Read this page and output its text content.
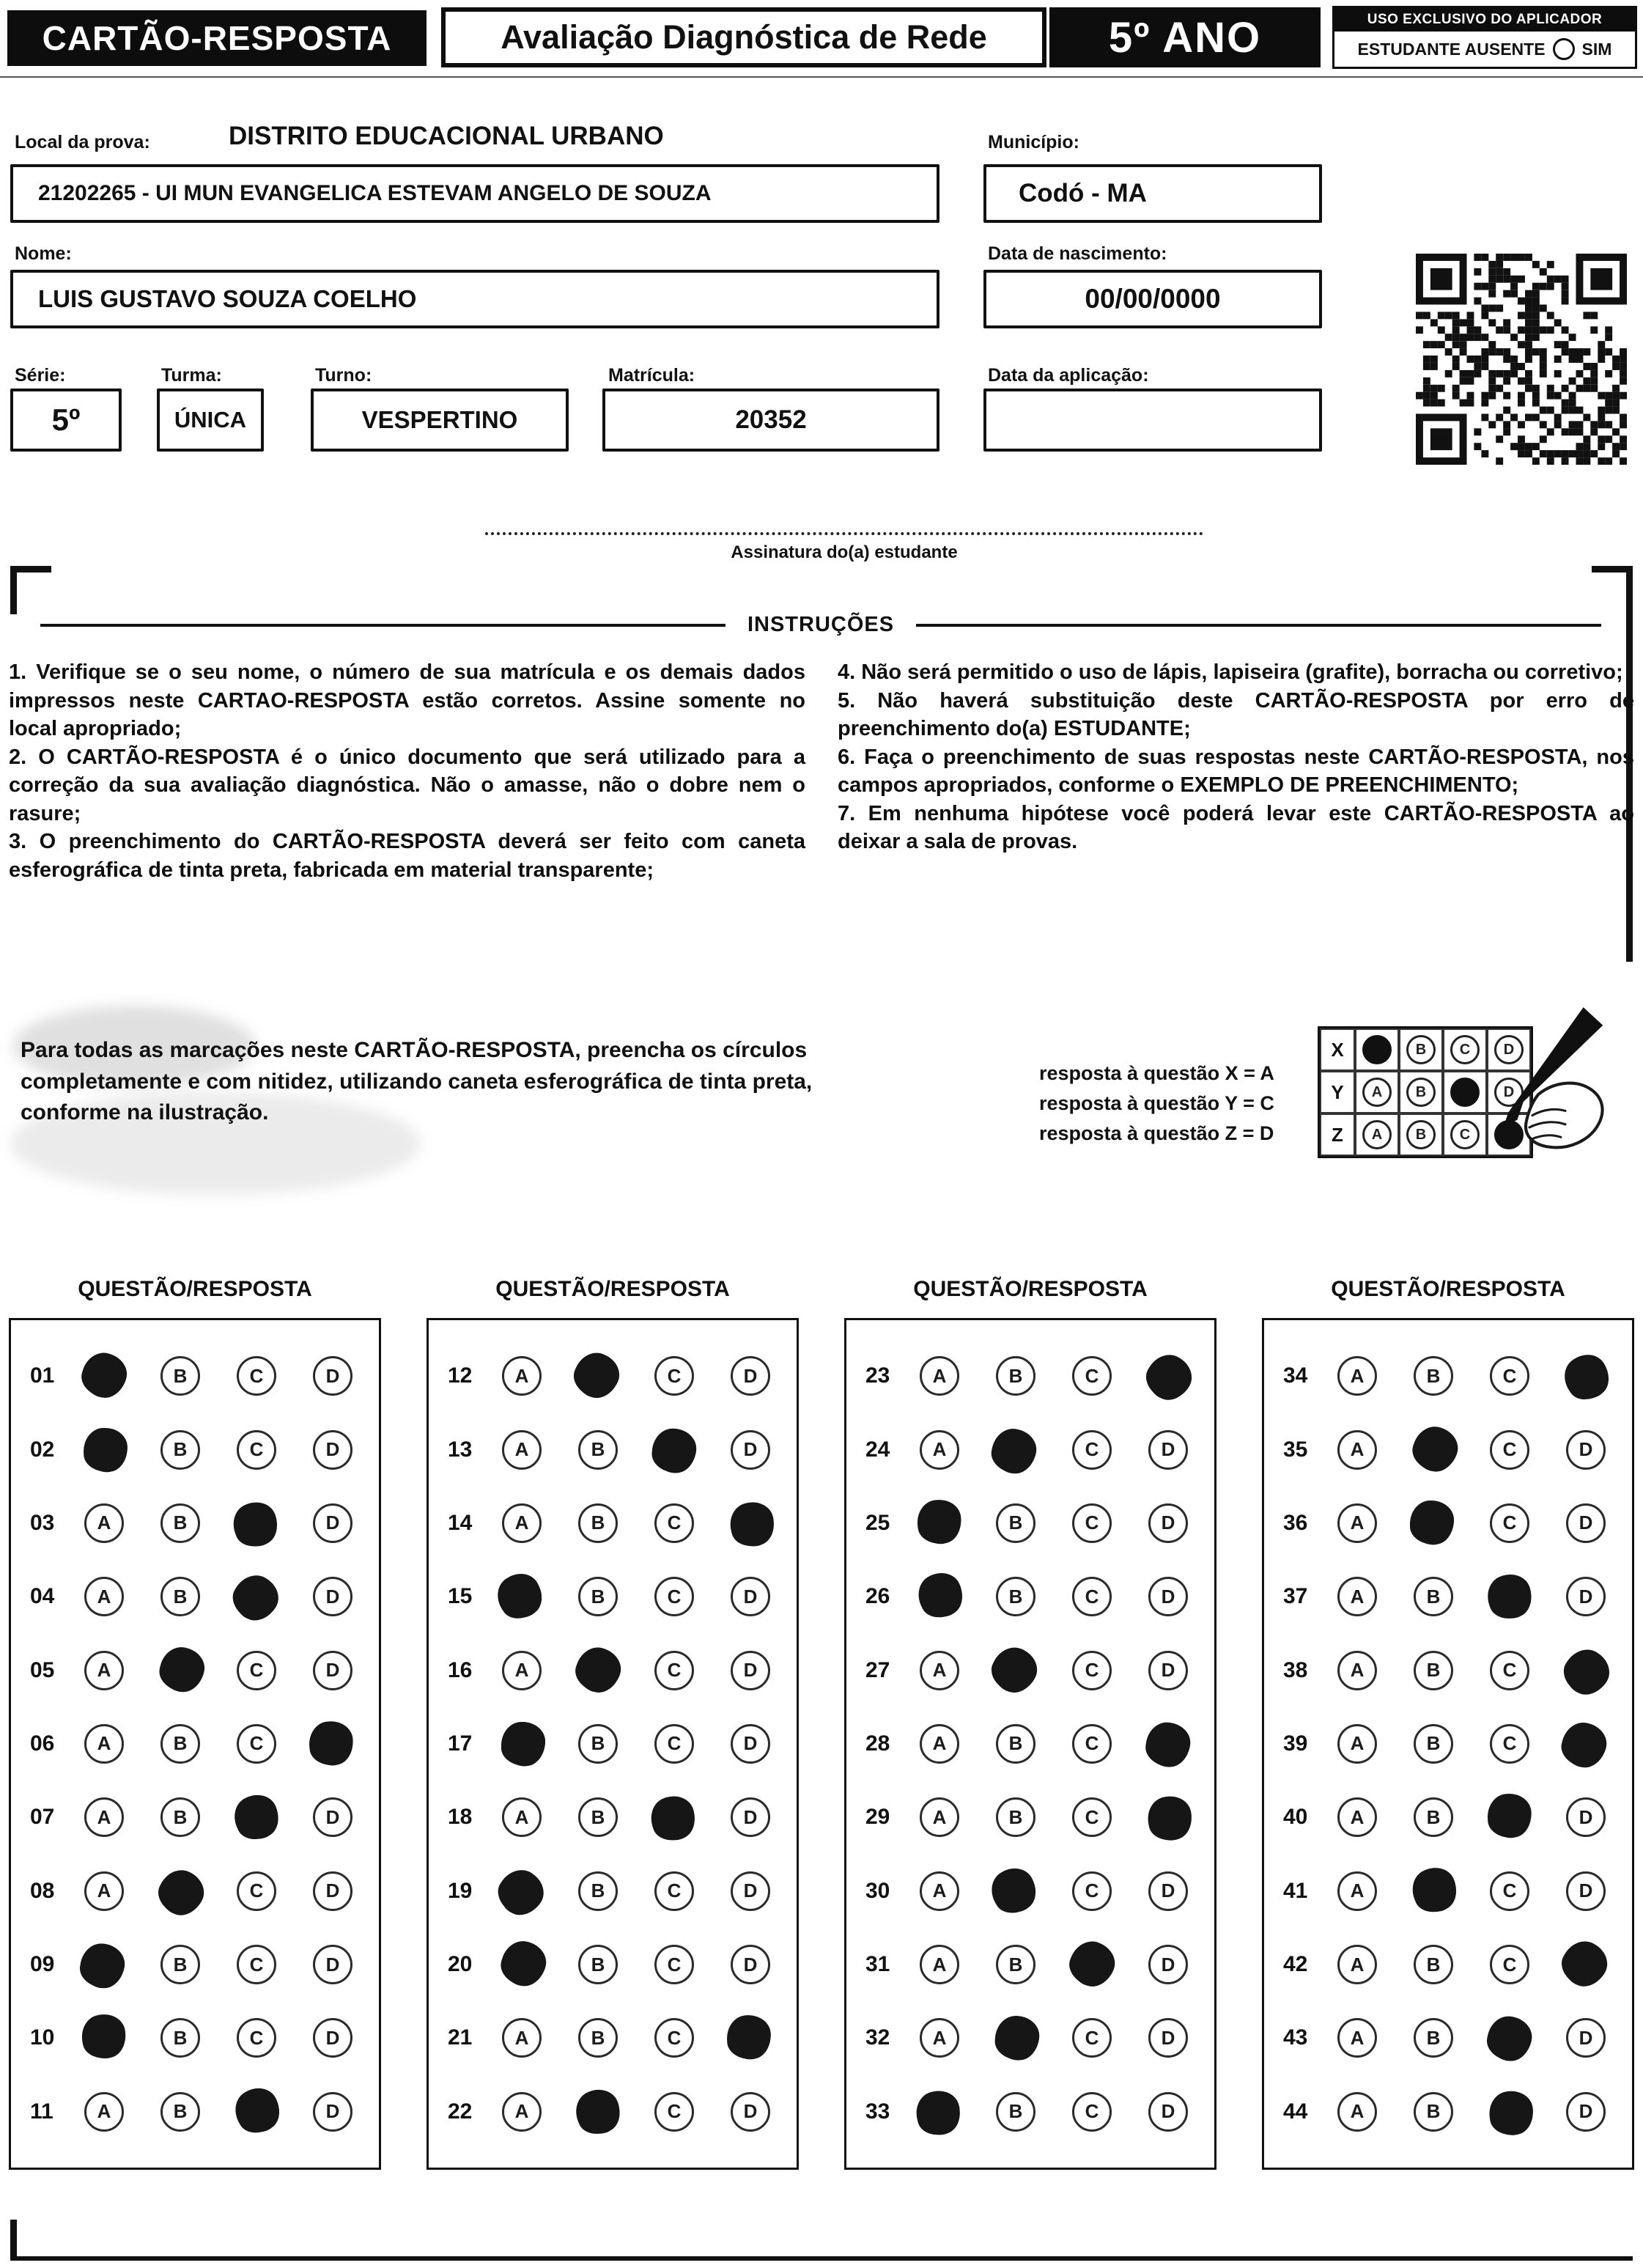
CARTÃO-RESPOSTA	Avaliação Diagnóstica de Rede	5º ANO	USO EXCLUSIVO DO APLICADOR
ESTUDANTE AUSENTE SIM
Local da prova:	DISTRITO EDUCACIONAL URBANO
21202265 - UI MUN EVANGELICA ESTEVAM ANGELO DE SOUZA
Município:
Codó - MA
Nome:
LUIS GUSTAVO SOUZA COELHO
Data de nascimento:
00/00/0000
Série:
5º
Turma:
ÚNICA
Turno:
VESPERTINO
Matrícula:
20352
Data da aplicação:
Assinatura do(a) estudante
INSTRUÇÕES
1. Verifique se o seu nome, o número de sua matrícula e os demais dados impressos neste CARTAO-RESPOSTA estão corretos. Assine somente no local apropriado;
2. O CARTÃO-RESPOSTA é o único documento que será utilizado para a correção da sua avaliação diagnóstica. Não o amasse, não o dobre nem o rasure;
3. O preenchimento do CARTÃO-RESPOSTA deverá ser feito com caneta esferográfica de tinta preta, fabricada em material transparente;
4. Não será permitido o uso de lápis, lapiseira (grafite), borracha ou corretivo;
5. Não haverá substituição deste CARTÃO-RESPOSTA por erro de preenchimento do(a) ESTUDANTE;
6. Faça o preenchimento de suas respostas neste CARTÃO-RESPOSTA, nos campos apropriados, conforme o EXEMPLO DE PREENCHIMENTO;
7. Em nenhuma hipótese você poderá levar este CARTÃO-RESPOSTA ao deixar a sala de provas.
Para todas as marcações neste CARTÃO-RESPOSTA, preencha os círculos completamente e com nitidez, utilizando caneta esferográfica de tinta preta, conforme na ilustração.
resposta à questão X = A
resposta à questão Y = C
resposta à questão Z = D
X	B	C	D
Y	A	B	D
Z	A	B	C
QUESTÃO/RESPOSTA	QUESTÃO/RESPOSTA	QUESTÃO/RESPOSTA	QUESTÃO/RESPOSTA
01	B	C	D
02	B	C	D
03	A	B	D
04	A	B	D
05	A	C	D
06	A	B	C
07	A	B	D
08	A	C	D
09	B	C	D
10	B	C	D
11	A	B	D
12	A	C	D
13	A	B	D
14	A	B	C
15	B	C	D
16	A	C	D
17	B	C	D
18	A	B	D
19	B	C	D
20	B	C	D
21	A	B	C
22	A	C	D
23	A	B	C
24	A	C	D
25	B	C	D
26	B	C	D
27	A	C	D
28	A	B	C
29	A	B	C
30	A	C	D
31	A	B	D
32	A	C	D
33	B	C	D
34	A	B	C
35	A	C	D
36	A	C	D
37	A	B	D
38	A	B	C
39	A	B	C
40	A	B	D
41	A	C	D
42	A	B	C
43	A	B	D
44	A	B	D
